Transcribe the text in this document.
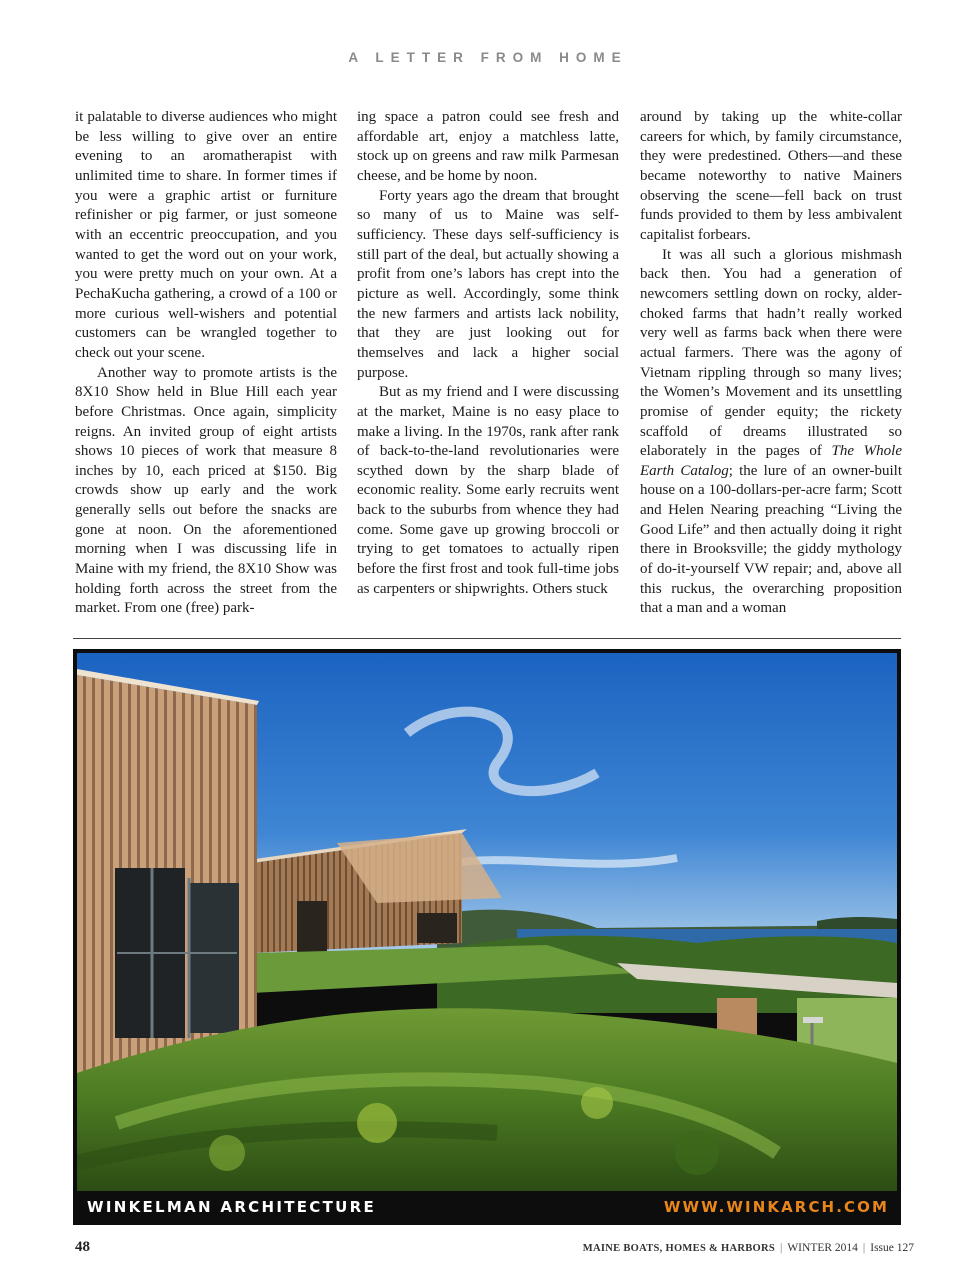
A LETTER FROM HOME

it palatable to diverse audiences who might be less willing to give over an entire evening to an aromatherapist with unlimited time to share. In former times if you were a graphic artist or furniture refinisher or pig farmer, or just someone with an eccentric preoccupation, and you wanted to get the word out on your work, you were pretty much on your own. At a PechaKucha gathering, a crowd of a 100 or more curious well-wishers and potential customers can be wrangled together to check out your scene.

Another way to promote artists is the 8X10 Show held in Blue Hill each year before Christmas. Once again, simplicity reigns. An invited group of eight artists shows 10 pieces of work that measure 8 inches by 10, each priced at $150. Big crowds show up early and the work generally sells out before the snacks are gone at noon. On the aforementioned morning when I was discussing life in Maine with my friend, the 8X10 Show was holding forth across the street from the market. From one (free) park-

ing space a patron could see fresh and affordable art, enjoy a matchless latte, stock up on greens and raw milk Parmesan cheese, and be home by noon.

Forty years ago the dream that brought so many of us to Maine was self-sufficiency. These days self-sufficiency is still part of the deal, but actually showing a profit from one’s labors has crept into the picture as well. Accordingly, some think the new farmers and artists lack nobility, that they are just looking out for themselves and lack a higher social purpose.

But as my friend and I were discussing at the market, Maine is no easy place to make a living. In the 1970s, rank after rank of back-to-the-land revolutionaries were scythed down by the sharp blade of economic reality. Some early recruits went back to the suburbs from whence they had come. Some gave up growing broccoli or trying to get tomatoes to actually ripen before the first frost and took full-time jobs as carpenters or shipwrights. Others stuck

around by taking up the white-collar careers for which, by family circumstance, they were predestined. Others—and these became noteworthy to native Mainers observing the scene—fell back on trust funds provided to them by less ambivalent capitalist forbears.

It was all such a glorious mishmash back then. You had a generation of newcomers settling down on rocky, alder-choked farms that hadn’t really worked very well as farms back when there were actual farmers. There was the agony of Vietnam rippling through so many lives; the Women’s Movement and its unsettling promise of gender equity; the rickety scaffold of dreams illustrated so elaborately in the pages of The Whole Earth Catalog; the lure of an owner-built house on a 100-dollars-per-acre farm; Scott and Helen Nearing preaching “Living the Good Life” and then actually doing it right there in Brooksville; the giddy mythology of do-it-yourself VW repair; and, above all this ruckus, the overarching proposition that a man and a woman

WINKELMAN ARCHITECTURE	WWW.WINKARCH.COM
48	MAINE BOATS, HOMES & HARBORS | WINTER 2014 | Issue 127
